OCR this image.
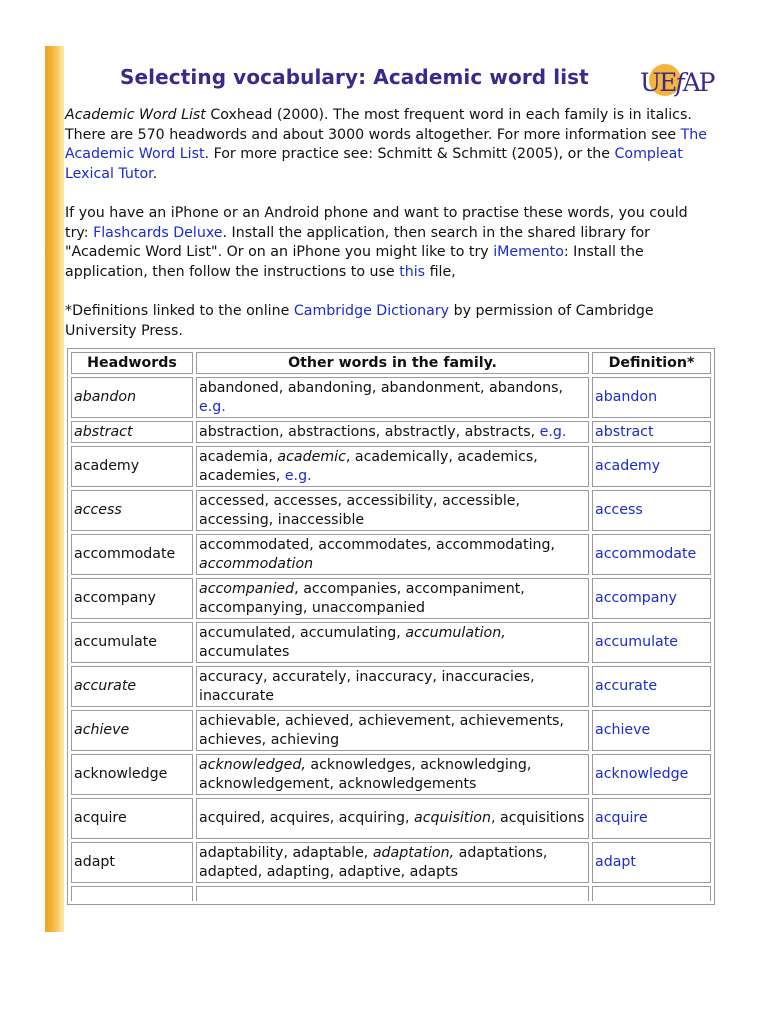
Selecting vocabulary: Academic word list UEfAP

Academic Word List Coxhead (2000). The most frequent word in each family is in italics. There are 570 headwords and about 3000 words altogether. For more information see The Academic Word List. For more practice see: Schmitt & Schmitt (2005), or the Compleat Lexical Tutor.

If you have an iPhone or an Android phone and want to practise these words, you could try: Flashcards Deluxe. Install the application, then search in the shared library for "Academic Word List". Or on an iPhone you might like to try iMemento: Install the application, then follow the instructions to use this file,

*Definitions linked to the online Cambridge Dictionary by permission of Cambridge University Press.

Headwords	Other words in the family.	Definition*
abandon	abandoned, abandoning, abandonment, abandons, e.g.	abandon
abstract	abstraction, abstractions, abstractly, abstracts, e.g.	abstract
academy	academia, academic, academically, academics, academies, e.g.	academy
access	accessed, accesses, accessibility, accessible, accessing, inaccessible	access
accommodate	accommodated, accommodates, accommodating, accommodation	accommodate
accompany	accompanied, accompanies, accompaniment, accompanying, unaccompanied	accompany
accumulate	accumulated, accumulating, accumulation, accumulates	accumulate
accurate	accuracy, accurately, inaccuracy, inaccuracies, inaccurate	accurate
achieve	achievable, achieved, achievement, achievements, achieves, achieving	achieve
acknowledge	acknowledged, acknowledges, acknowledging, acknowledgement, acknowledgements	acknowledge
acquire	acquired, acquires, acquiring, acquisition, acquisitions	acquire
adapt	adaptability, adaptable, adaptation, adaptations, adapted, adapting, adaptive, adapts	adapt
